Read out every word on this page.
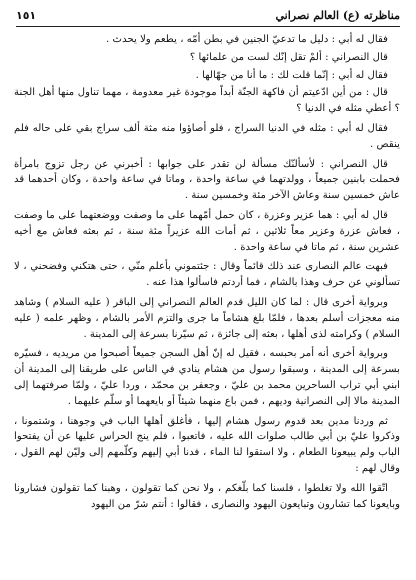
١٥١	مناظرته (ع) العالم نصراني

فقال له أبي : دليل ما تدعيّ الجنين في بطن أمّه ، يطعم ولا يحدث .

قال النصراني : ألمْ تقل إنّك لست من علمائها ؟

فقال له أبي : إنّما قلت لك : ما أنا من جهّالها .

قال : من أين ادّعيتم أن فاكهة الجنّة أبداً موجودة غير معدومة ، مهما تناول منها أهل الجنة ؟ أعطي مثله في الدنيا ؟

فقال له أبي : مثله في الدنيا السراج ، فلو أصاؤوا منه مثة ألف سراج بقي على حاله فلم ينقص .

قال النصراني : لأسألنّك مسألة لن تقدر على جوابها : أخبرني عن رجل تزوج بامرأة فحملت بابنين جميعاً ، وولدتهما في ساعة واحدة ، وماتا في ساعة واحدة ، وكان أحدهما قد عاش خمسين سنة وعاش الآخر مئة وخمسين سنة .

قال له أبي : هما عزير وعزرة ، كان حمل أمّهما على ما وصفت ووضعتهما على ما وصفت ، فعاش عزرة وعزير معاً ثلاثين ، ثم أمات الله عزيراً مئة سنة ، ثم بعثه فعاش مع أخيه عشرين سنة ، ثم ماتا في ساعة واحدة .

فبهت عالم النصارى عند ذلك قائماً وقال : جئتموني بأعلم منّي ، حتى هتكني وفضحني ، لا تسألوني عن حرف وهذا بالشام ، فما أردتم فاسألوا هذا عنه .

وبرواية أخرى قال : لما كان الليل قدم العالم النصراني إلى الباقر ( عليه السلام ) وشاهد منه معجزات أسلم بعدها ، فلمّا بلغ هشاماً ما جرى والتزم الأمر بالشام ، وظهر علمه ( عليه السلام ) وكرامته لذى أهلها ، بعثه إلى جائزة ، ثم سيّرنا بسرعة إلى المدينة .

وبرواية أخرى أنه أمر بحبسه ، فقيل له إنّ أهل السجن جميعاً أصبحوا من مريديه ، فسيّره بسرعة إلى المدينة ، وسبقوا رسول من هشام ينادي في الناس على طريقنا إلى المدينة أن ابني أبي تراب الساحرين محمد بن عليّ ، وجعفر بن محمّد ، وردا عليّ ، ولمّا صرفتهما إلى المدينة مالا إلى النصرانية وديهم ، فمن باع منهما شيئاً أو بايعهما أو سلّم عليهما .

ثم وردنا مدين بعد قدوم رسول هشام إليها ، فأغلق أهلها الباب في وجوهنا ، وشتمونا ، وذكروا عليّ بن أبي طالب صلوات الله عليه ، فاتعبوا ، فلم ينج الحراس عليها عن أن يفتحوا الباب ولم يبيعونا الطعام ، ولا استقوا لنا الماء ، فدنا أبي إليهم وكلّمهم إلى وليّن لهم القول ، وقال لهم :

اتّقوا الله ولا تغلطوا ، فلسنا كما بلّغكم ، ولا نحن كما تقولون ، وهبنا كما تقولون فشارونا وبايعونا كما تشارون وتبايعون اليهود والنصارى ، فقالوا : أنتم شرّ من اليهود
